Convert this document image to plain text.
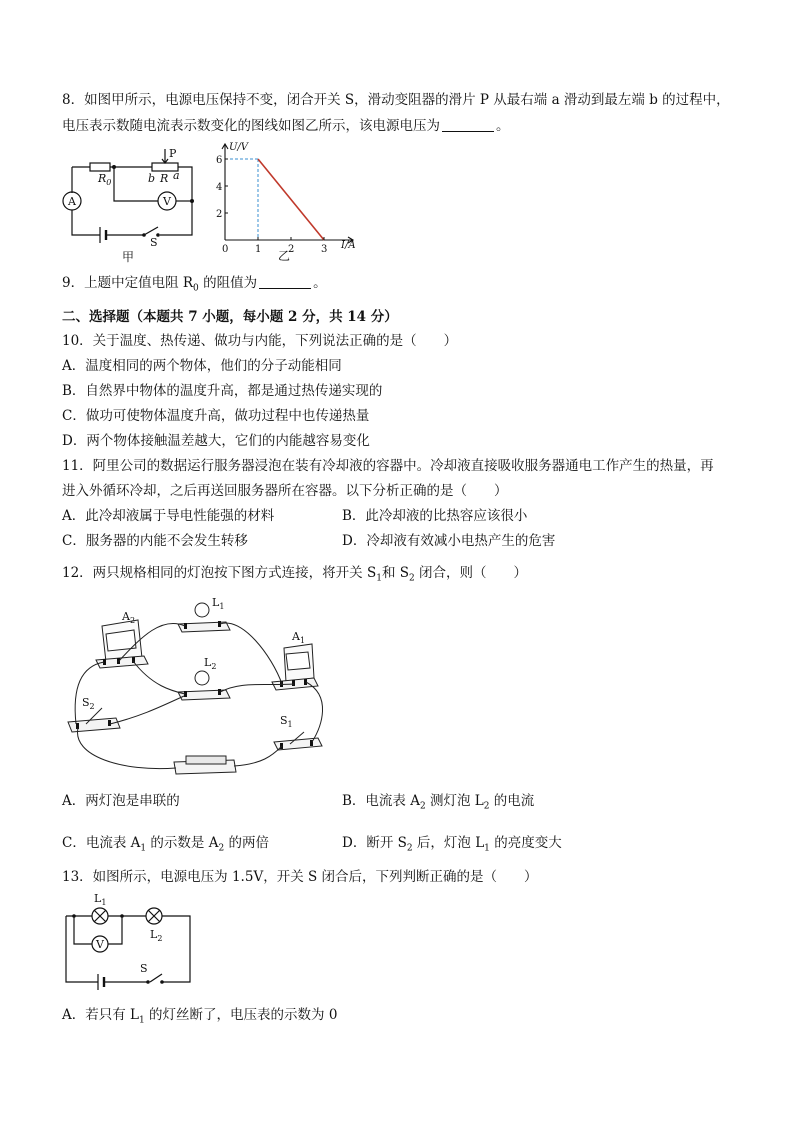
8．如图甲所示，电源电压保持不变，闭合开关 S，滑动变阻器的滑片 P 从最右端 a 滑动到最左端 b 的过程中，
电压表示数随电流表示数变化的图线如图乙所示，该电源电压为	。
$R_0$
P
b R a
A	V
S
甲
0	1	2	3
2
4
6
U/V
I/A
乙
9．上题中定值电阻 $R_0$ 的阻值为	。
二、选择题（本题共 7 小题，每小题 2 分，共 14 分）
10．关于温度、热传递、做功与内能，下列说法正确的是（　　）
A．温度相同的两个物体，他们的分子动能相同
B．自然界中物体的温度升高，都是通过热传递实现的
C．做功可使物体温度升高，做功过程中也传递热量
D．两个物体接触温差越大，它们的内能越容易变化
11．阿里公司的数据运行服务器浸泡在装有冷却液的容器中。冷却液直接吸收服务器通电工作产生的热量，再
进入外循环冷却，之后再送回服务器所在容器。以下分析正确的是（　　）
A．此冷却液属于导电性能强的材料	B．此冷却液的比热容应该很小
C．服务器的内能不会发生转移	D．冷却液有效减小电热产生的危害
12．两只规格相同的灯泡按下图方式连接，将开关 $S_1$和 $S_2$ 闭合，则（　　）
$A_2$
$L_1$
$L_2$
$A_1$
$S_2$
$S_1$
A．两灯泡是串联的	B．电流表 $A_2$ 测灯泡 $L_2$ 的电流
C．电流表 $A_1$ 的示数是 $A_2$ 的两倍	D．断开 $S_2$ 后，灯泡 $L_1$ 的亮度变大
13．如图所示，电源电压为 1.5V，开关 S 闭合后，下列判断正确的是（　　）
$L_1$
$L_2$
V
S
A．若只有 $L_1$ 的灯丝断了，电压表的示数为 0
